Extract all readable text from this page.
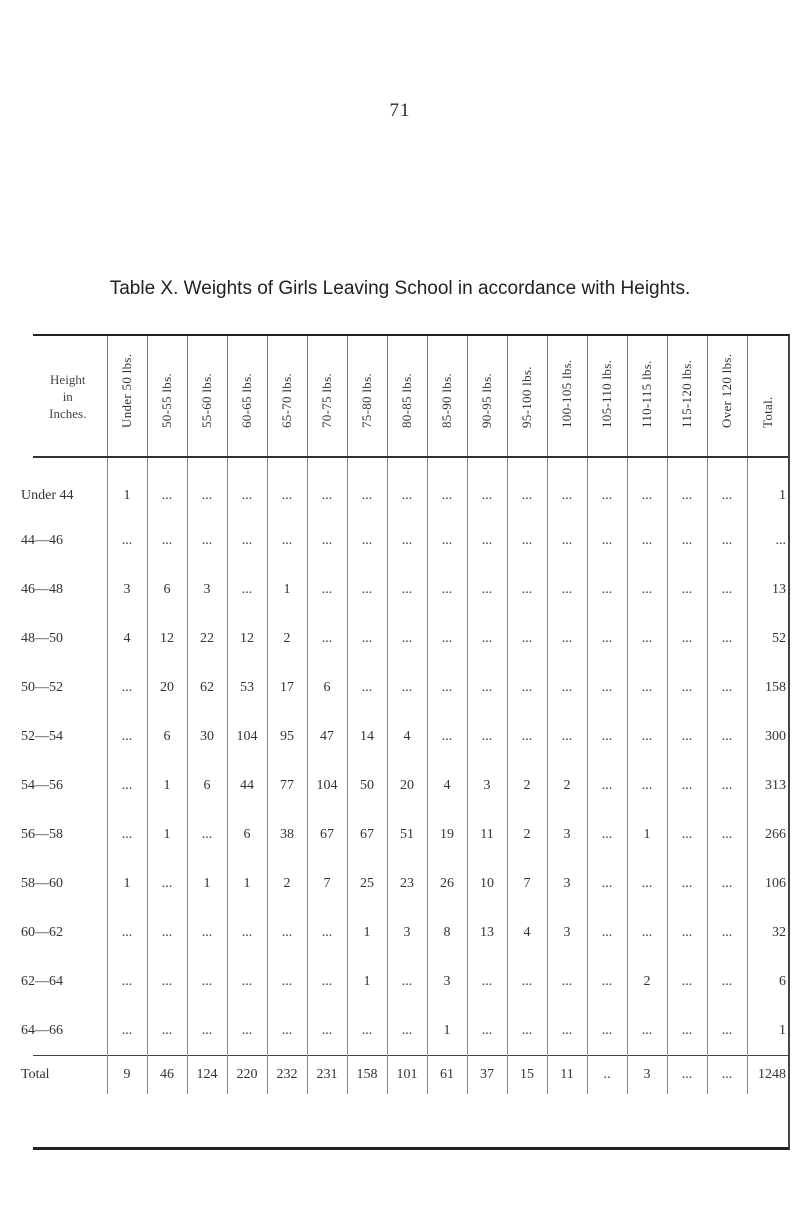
71
Table X. Weights of Girls Leaving School in accordance with Heights.
Height
in
Inches.	Under 50 lbs.	50-55 lbs.	55-60 lbs.	60-65 lbs.	65-70 lbs.	70-75 lbs.	75-80 lbs.	80-85 lbs.	85-90 lbs.	90-95 lbs.	95-100 lbs.	100-105 lbs.	105-110 lbs.	110-115 lbs.	115-120 lbs.	Over 120 lbs.	Total.

Under 44	1	...	...	...	...	...	...	...	...	...	...	...	...	...	...	...	1
44—46	...	...	...	...	...	...	...	...	...	...	...	...	...	...	...	...	...
46—48	3	6	3	...	1	...	...	...	...	...	...	...	...	...	...	...	13
48—50	4	12	22	12	2	...	...	...	...	...	...	...	...	...	...	...	52
50—52	...	20	62	53	17	6	...	...	...	...	...	...	...	...	...	...	158
52—54	...	6	30	104	95	47	14	4	...	...	...	...	...	...	...	...	300
54—56	...	1	6	44	77	104	50	20	4	3	2	2	...	...	...	...	313
56—58	...	1	...	6	38	67	67	51	19	11	2	3	...	1	...	...	266
58—60	1	...	1	1	2	7	25	23	26	10	7	3	...	...	...	...	106
60—62	...	...	...	...	...	...	1	3	8	13	4	3	...	...	...	...	32
62—64	...	...	...	...	...	...	1	...	3	...	...	...	...	2	...	...	6
64—66	...	...	...	...	...	...	...	...	1	...	...	...	...	...	...	...	1
Total	9	46	124	220	232	231	158	101	61	37	15	11	..	3	...	...	1248
